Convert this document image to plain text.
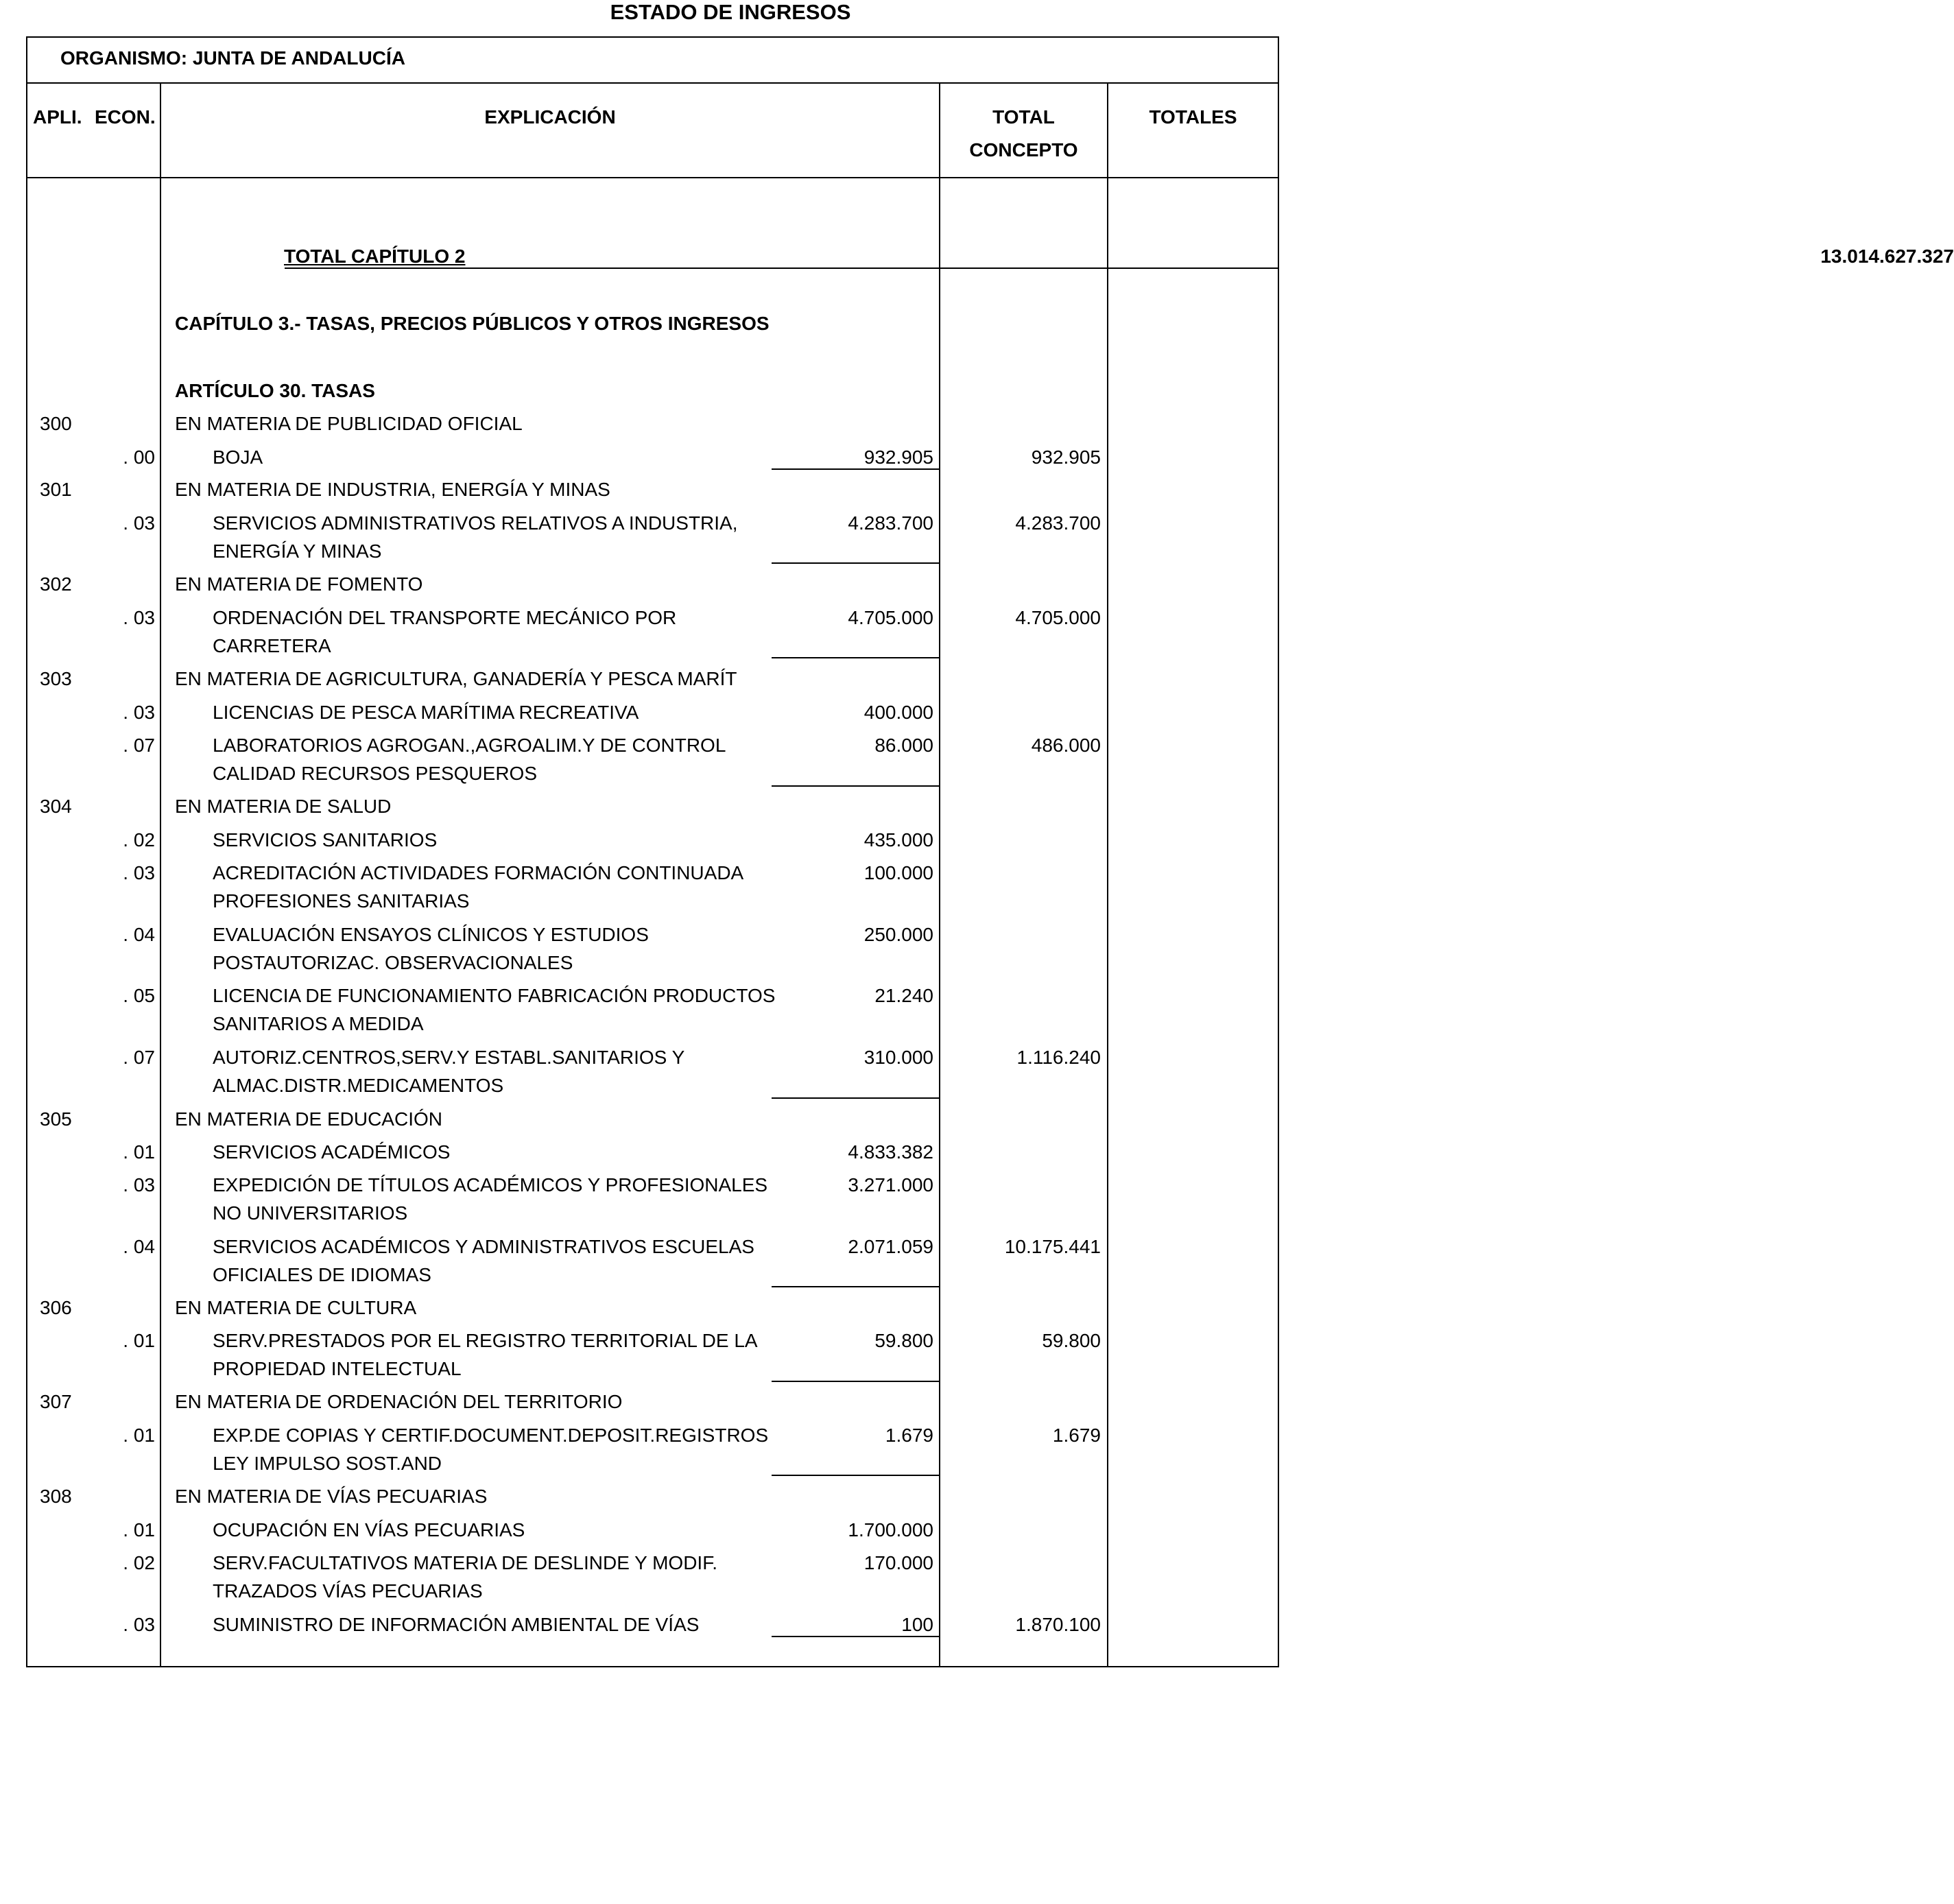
ESTADO DE INGRESOS
ORGANISMO: JUNTA DE ANDALUCÍA
APLI. ECON.	EXPLICACIÓN	TOTAL
CONCEPTO
TOTALES
TOTAL CAPÍTULO 2	13.014.627.327
CAPÍTULO 3.- TASAS, PRECIOS PÚBLICOS Y OTROS INGRESOS
ARTÍCULO 30. TASAS
300	EN MATERIA DE PUBLICIDAD OFICIAL
. 00	BOJA	932.905	932.905
301	EN MATERIA DE INDUSTRIA, ENERGÍA Y MINAS
. 03	SERVICIOS ADMINISTRATIVOS RELATIVOS A INDUSTRIA,
ENERGÍA Y MINAS
4.283.700	4.283.700
302	EN MATERIA DE FOMENTO
. 03	ORDENACIÓN DEL TRANSPORTE MECÁNICO POR
CARRETERA
4.705.000	4.705.000
303	EN MATERIA DE AGRICULTURA, GANADERÍA Y PESCA MARÍT
. 03	LICENCIAS DE PESCA MARÍTIMA RECREATIVA	400.000
. 07	LABORATORIOS AGROGAN.,AGROALIM.Y DE CONTROL
CALIDAD RECURSOS PESQUEROS
86.000	486.000
304	EN MATERIA DE SALUD
. 02	SERVICIOS SANITARIOS	435.000
. 03	ACREDITACIÓN ACTIVIDADES FORMACIÓN CONTINUADA
PROFESIONES SANITARIAS
100.000
. 04	EVALUACIÓN ENSAYOS CLÍNICOS Y ESTUDIOS
POSTAUTORIZAC. OBSERVACIONALES
250.000
. 05	LICENCIA DE FUNCIONAMIENTO FABRICACIÓN PRODUCTOS
SANITARIOS A MEDIDA
21.240
. 07	AUTORIZ.CENTROS,SERV.Y ESTABL.SANITARIOS Y
ALMAC.DISTR.MEDICAMENTOS
310.000	1.116.240
305	EN MATERIA DE EDUCACIÓN
. 01	SERVICIOS ACADÉMICOS	4.833.382
. 03	EXPEDICIÓN DE TÍTULOS ACADÉMICOS Y PROFESIONALES
NO UNIVERSITARIOS
3.271.000
. 04	SERVICIOS ACADÉMICOS Y ADMINISTRATIVOS ESCUELAS
OFICIALES DE IDIOMAS
2.071.059	10.175.441
306	EN MATERIA DE CULTURA
. 01	SERV.PRESTADOS POR EL REGISTRO TERRITORIAL DE LA
PROPIEDAD INTELECTUAL
59.800	59.800
307	EN MATERIA DE ORDENACIÓN DEL TERRITORIO
. 01	EXP.DE COPIAS Y CERTIF.DOCUMENT.DEPOSIT.REGISTROS
LEY IMPULSO SOST.AND
1.679	1.679
308	EN MATERIA DE VÍAS PECUARIAS
. 01	OCUPACIÓN EN VÍAS PECUARIAS	1.700.000
. 02	SERV.FACULTATIVOS MATERIA DE DESLINDE Y MODIF.
TRAZADOS VÍAS PECUARIAS
170.000
. 03	SUMINISTRO DE INFORMACIÓN AMBIENTAL DE VÍAS	100	1.870.100
